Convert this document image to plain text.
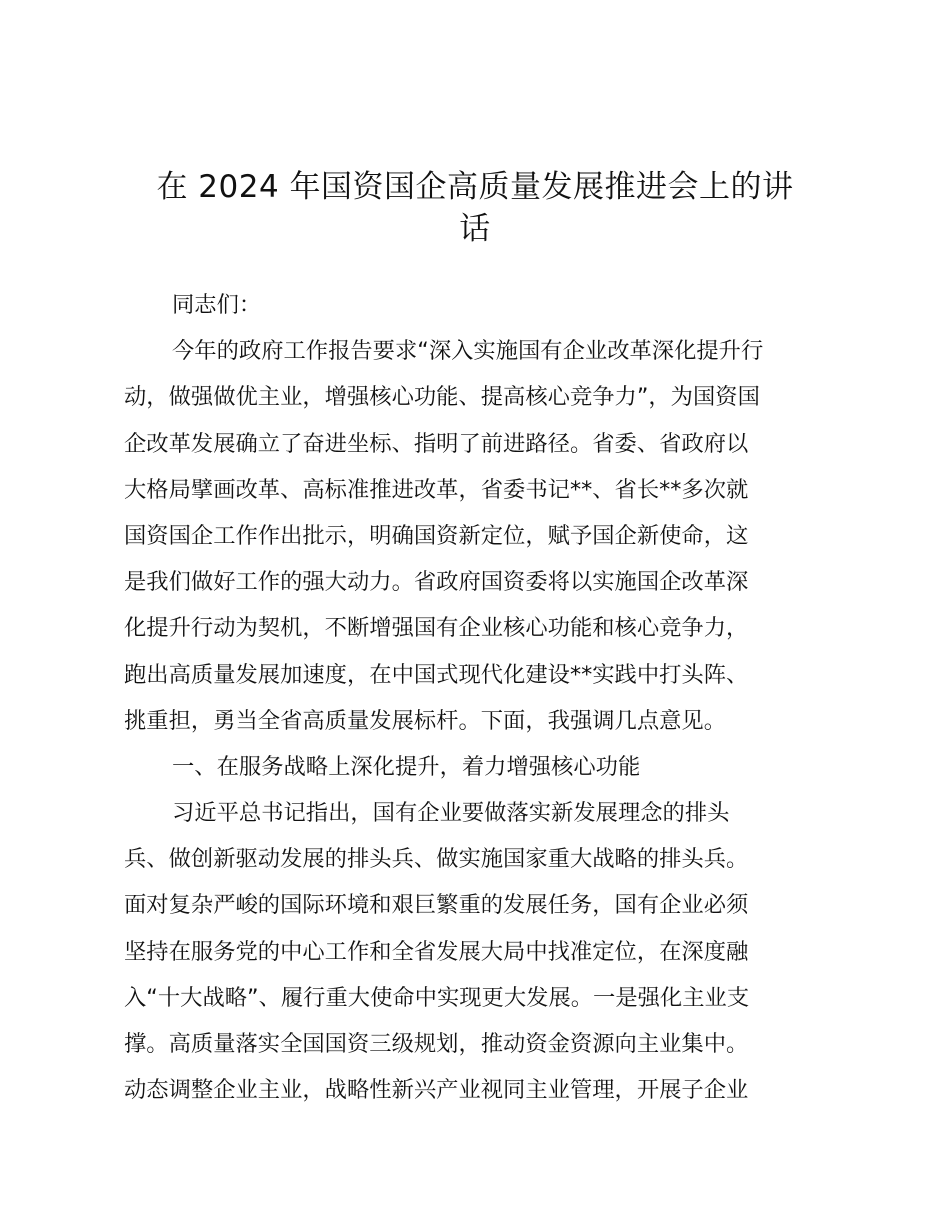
在 2024 年国资国企高质量发展推进会上的讲
话
同志们：
今年的政府工作报告要求“深入实施国有企业改革深化提升行
动，做强做优主业，增强核心功能、提高核心竞争力”，为国资国
企改革发展确立了奋进坐标、指明了前进路径。省委、省政府以
大格局擘画改革、高标准推进改革，省委书记**、省长**多次就
国资国企工作作出批示，明确国资新定位，赋予国企新使命，这
是我们做好工作的强大动力。省政府国资委将以实施国企改革深
化提升行动为契机，不断增强国有企业核心功能和核心竞争力，
跑出高质量发展加速度，在中国式现代化建设**实践中打头阵、
挑重担，勇当全省高质量发展标杆。下面，我强调几点意见。
一、在服务战略上深化提升，着力增强核心功能
习近平总书记指出，国有企业要做落实新发展理念的排头
兵、做创新驱动发展的排头兵、做实施国家重大战略的排头兵。
面对复杂严峻的国际环境和艰巨繁重的发展任务，国有企业必须
坚持在服务党的中心工作和全省发展大局中找准定位，在深度融
入“十大战略”、履行重大使命中实现更大发展。一是强化主业支
撑。高质量落实全国国资三级规划，推动资金资源向主业集中。
动态调整企业主业，战略性新兴产业视同主业管理，开展子企业
